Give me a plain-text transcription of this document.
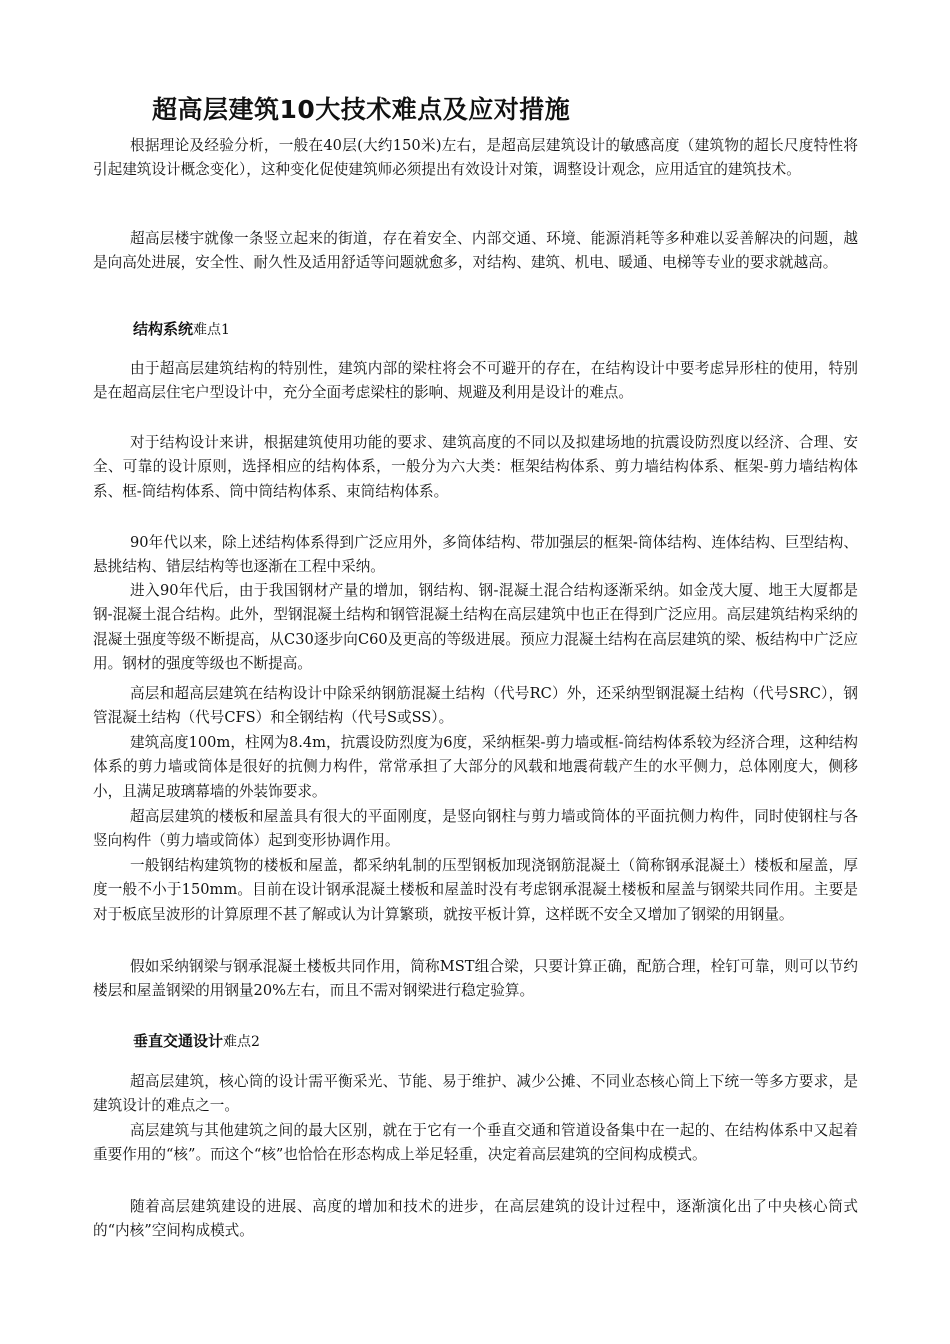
超高层建筑10大技术难点及应对措施

根据理论及经验分析，一般在40层(大约150米)左右，是超高层建筑设计的敏感高度（建筑物的超长尺度特性将引起建筑设计概念变化），这种变化促使建筑师必须提出有效设计对策，调整设计观念，应用适宜的建筑技术。

超高层楼宇就像一条竖立起来的街道，存在着安全、内部交通、环境、能源消耗等多种难以妥善解决的问题，越是向高处进展，安全性、耐久性及适用舒适等问题就愈多，对结构、建筑、机电、暖通、电梯等专业的要求就越高。

结构系统难点1

由于超高层建筑结构的特别性，建筑内部的梁柱将会不可避开的存在，在结构设计中要考虑异形柱的使用，特别是在超高层住宅户型设计中，充分全面考虑梁柱的影响、规避及利用是设计的难点。

对于结构设计来讲，根据建筑使用功能的要求、建筑高度的不同以及拟建场地的抗震设防烈度以经济、合理、安全、可靠的设计原则，选择相应的结构体系，一般分为六大类：框架结构体系、剪力墙结构体系、框架-剪力墙结构体系、框-筒结构体系、筒中筒结构体系、束筒结构体系。

90年代以来，除上述结构体系得到广泛应用外，多筒体结构、带加强层的框架-筒体结构、连体结构、巨型结构、悬挑结构、错层结构等也逐渐在工程中采纳。

进入90年代后，由于我国钢材产量的增加，钢结构、钢-混凝土混合结构逐渐采纳。如金茂大厦、地王大厦都是钢-混凝土混合结构。此外，型钢混凝土结构和钢管混凝土结构在高层建筑中也正在得到广泛应用。高层建筑结构采纳的混凝土强度等级不断提高，从C30逐步向C60及更高的等级进展。预应力混凝土结构在高层建筑的梁、板结构中广泛应用。钢材的强度等级也不断提高。

高层和超高层建筑在结构设计中除采纳钢筋混凝土结构（代号RC）外，还采纳型钢混凝土结构（代号SRC），钢管混凝土结构（代号CFS）和全钢结构（代号S或SS）。

建筑高度100m，柱网为8.4m，抗震设防烈度为6度，采纳框架-剪力墙或框-筒结构体系较为经济合理，这种结构体系的剪力墙或筒体是很好的抗侧力构件，常常承担了大部分的风载和地震荷载产生的水平侧力，总体刚度大，侧移小，且满足玻璃幕墙的外装饰要求。

超高层建筑的楼板和屋盖具有很大的平面刚度，是竖向钢柱与剪力墙或筒体的平面抗侧力构件，同时使钢柱与各竖向构件（剪力墙或筒体）起到变形协调作用。

一般钢结构建筑物的楼板和屋盖，都采纳轧制的压型钢板加现浇钢筋混凝土（简称钢承混凝土）楼板和屋盖，厚度一般不小于150mm。目前在设计钢承混凝土楼板和屋盖时没有考虑钢承混凝土楼板和屋盖与钢梁共同作用。主要是对于板底呈波形的计算原理不甚了解或认为计算繁琐，就按平板计算，这样既不安全又增加了钢梁的用钢量。

假如采纳钢梁与钢承混凝土楼板共同作用，简称MST组合梁，只要计算正确，配筋合理，栓钉可靠，则可以节约楼层和屋盖钢梁的用钢量20%左右，而且不需对钢梁进行稳定验算。

垂直交通设计难点2

超高层建筑，核心筒的设计需平衡采光、节能、易于维护、减少公摊、不同业态核心筒上下统一等多方要求，是建筑设计的难点之一。

高层建筑与其他建筑之间的最大区别，就在于它有一个垂直交通和管道设备集中在一起的、在结构体系中又起着重要作用的“核”。而这个“核”也恰恰在形态构成上举足轻重，决定着高层建筑的空间构成模式。

随着高层建筑建设的进展、高度的增加和技术的进步，在高层建筑的设计过程中，逐渐演化出了中央核心筒式的“内核”空间构成模式。
